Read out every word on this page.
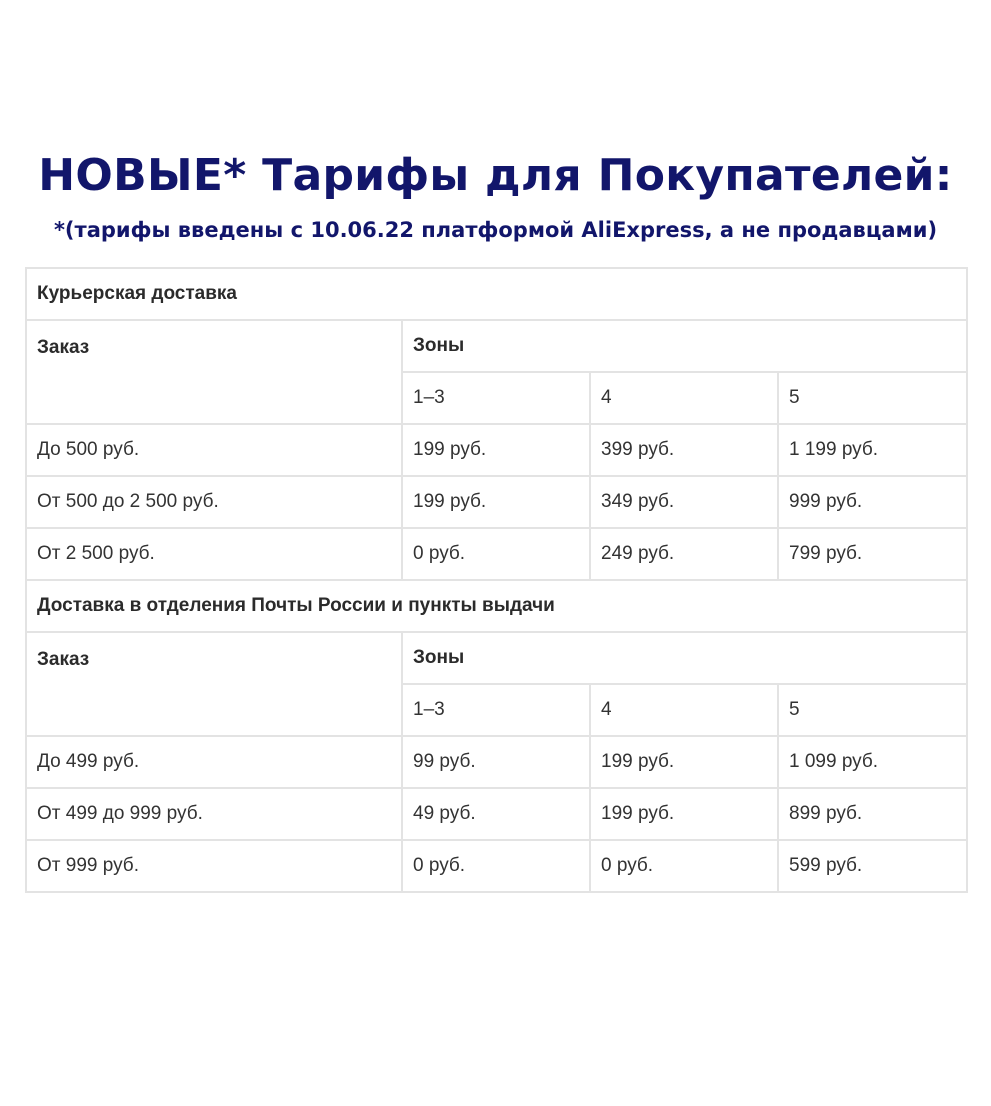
НОВЫЕ* Тарифы для Покупателей:
*(тарифы введены с 10.06.22 платформой AliExpress, а не продавцами)
Курьерская доставка			
Заказ	Зоны		
	1–3	4	5
До 500 руб.	199 руб.	399 руб.	1 199 руб.
От 500 до 2 500 руб.	199 руб.	349 руб.	999 руб.
От 2 500 руб.	0 руб.	249 руб.	799 руб.
Доставка в отделения Почты России и пункты выдачи			
Заказ	Зоны		
	1–3	4	5
До 499 руб.	99 руб.	199 руб.	1 099 руб.
От 499 до 999 руб.	49 руб.	199 руб.	899 руб.
От 999 руб.	0 руб.	0 руб.	599 руб.
